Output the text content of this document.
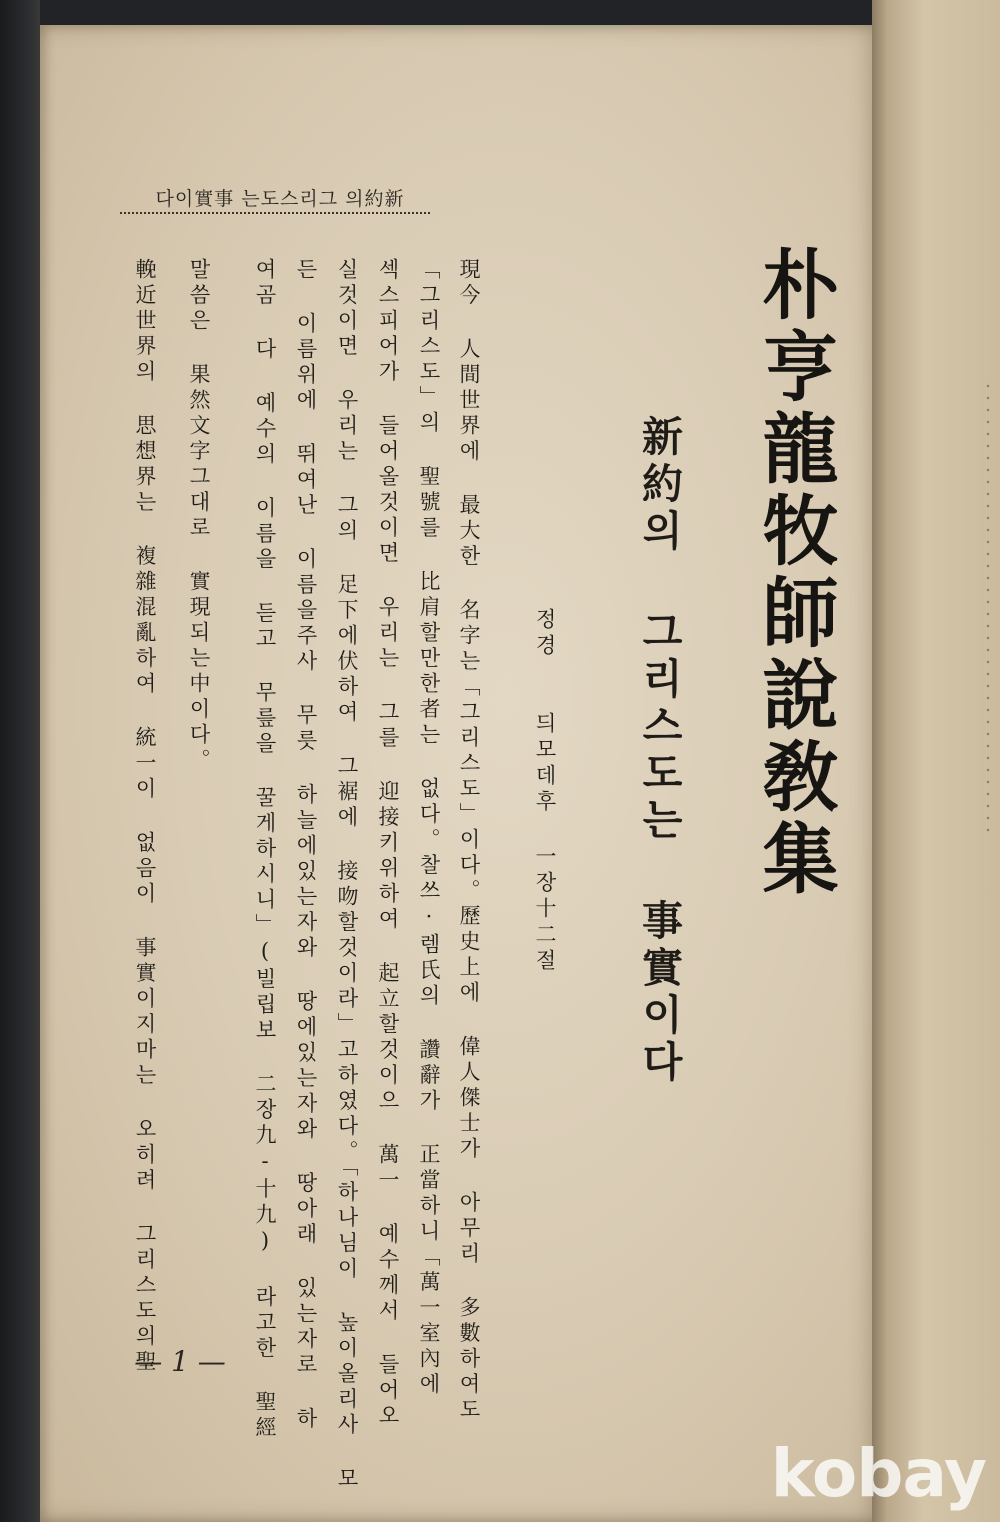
朴亨龍牧師說敎集
新約의 그리스도는 事實이다
정경　　듸모데후 一장十二절
다이實事 는도스리그 의約新
現今 人間世界에 最大한 名字는「그리스도」이다。歷史上에 偉人傑士가 아무리 多數하여도
「그리스도」의 聖號를 比肩할만한者는 없다。찰쓰·렘氏의 讚辭가 正當하니「萬一室內에
섹스피어가 들어올것이면 우리는 그를 迎接키위하여 起立할것이으 萬一 예수께서 들어오
실것이면 우리는 그의 足下에伏하여 그裾에 接吻할것이라」고하였다。「하나님이 높이올리사 모
든 이름위에 뛰여난 이름을주사 무릇 하늘에있는자와 땅에있는자와 땅아래 있는자로 하
여곰 다 예수의 이름을 듣고 무릎을 꿀게하시니」(빌립보 二장九-十九) 라고한 聖經
말씀은 果然文字그대로 實現되는中이다。
輓近世界의 思想界는 複雜混亂하여 統一이 없음이 事實이지마는 오히려 그리스도의聖
— 1 —
kobay
